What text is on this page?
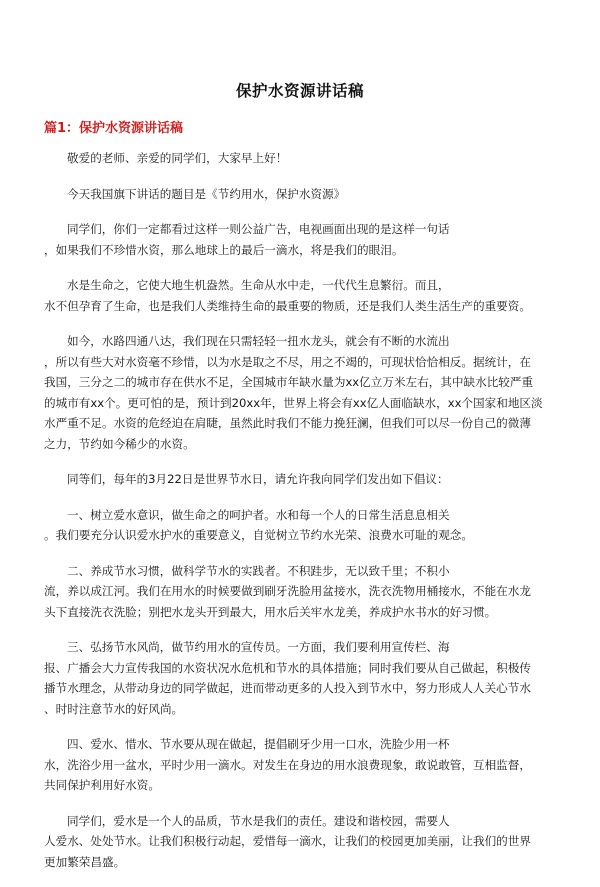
保护水资源讲话稿
篇1：保护水资源讲话稿

敬爱的老师、亲爱的同学们，大家早上好！

今天我国旗下讲话的题目是《节约用水，保护水资源》

同学们，你们一定都看过这样一则公益广告，电视画面出现的是这样一句话
，如果我们不珍惜水资，那么地球上的最后一滴水，将是我们的眼泪。

水是生命之，它使大地生机盎然。生命从水中走，一代代生息繁衍。而且，
水不但孕育了生命，也是我们人类维持生命的最重要的物质，还是我们人类生活生产的重要资。

如今，水路四通八达，我们现在只需轻轻一扭水龙头，就会有不断的水流出
，所以有些大对水资毫不珍惜，以为水是取之不尽，用之不竭的，可现状恰恰相反。据统计，在
我国，三分之二的城市存在供水不足，全国城市年缺水量为xx亿立万米左右，其中缺水比较严重
的城市有xx个。更可怕的是，预计到20xx年，世界上将会有xx亿人面临缺水，xx个国家和地区淡
水严重不足。水资的危经迫在肩睫，虽然此时我们不能力挽狂澜，但我们可以尽一份自己的微薄
之力，节约如今稀少的水资。

同等们，每年的3月22日是世界节水日，请允许我向同学们发出如下倡议：

一、树立爱水意识，做生命之的呵护者。水和每一个人的日常生活息息相关
。我们要充分认识爱水护水的重要意义，自觉树立节约水光荣、浪费水可耻的观念。

二、养成节水习惯，做科学节水的实践者。不积跬步，无以致千里；不积小
流，养以成江河。我们在用水的时候要做到刷牙洗脸用盆接水，洗衣洗物用桶接水，不能在水龙
头下直接洗衣洗脸；别把水龙头开到最大，用水后关牢水龙美，养成护水书水的好习惯。

三、弘扬节水风尚，做节约用水的宣传员。一方面，我们要利用宣传栏、海
报、广播会大力宣传我国的水资状况水危机和节水的具体措施；同时我们要从自己做起，积极传
播节水理念，从带动身边的同学做起，进而带动更多的人投入到节水中，努力形成人人关心节水
、时时注意节水的好风尚。

四、爱水、惜水、节水要从现在做起，提倡刷牙少用一口水，洗脸少用一杯
水，洗浴少用一盆水，平时少用一滴水。对发生在身边的用水浪费现象，敢说敢管，互相监督，
共同保护利用好水资。

同学们，爱水是一个人的品质，节水是我们的责任。建设和谐校园，需要人
人爱水、处处节水。让我们积极行动起，爱惜每一滴水，让我们的校园更加美丽，让我们的世界
更加繁荣昌盛。
